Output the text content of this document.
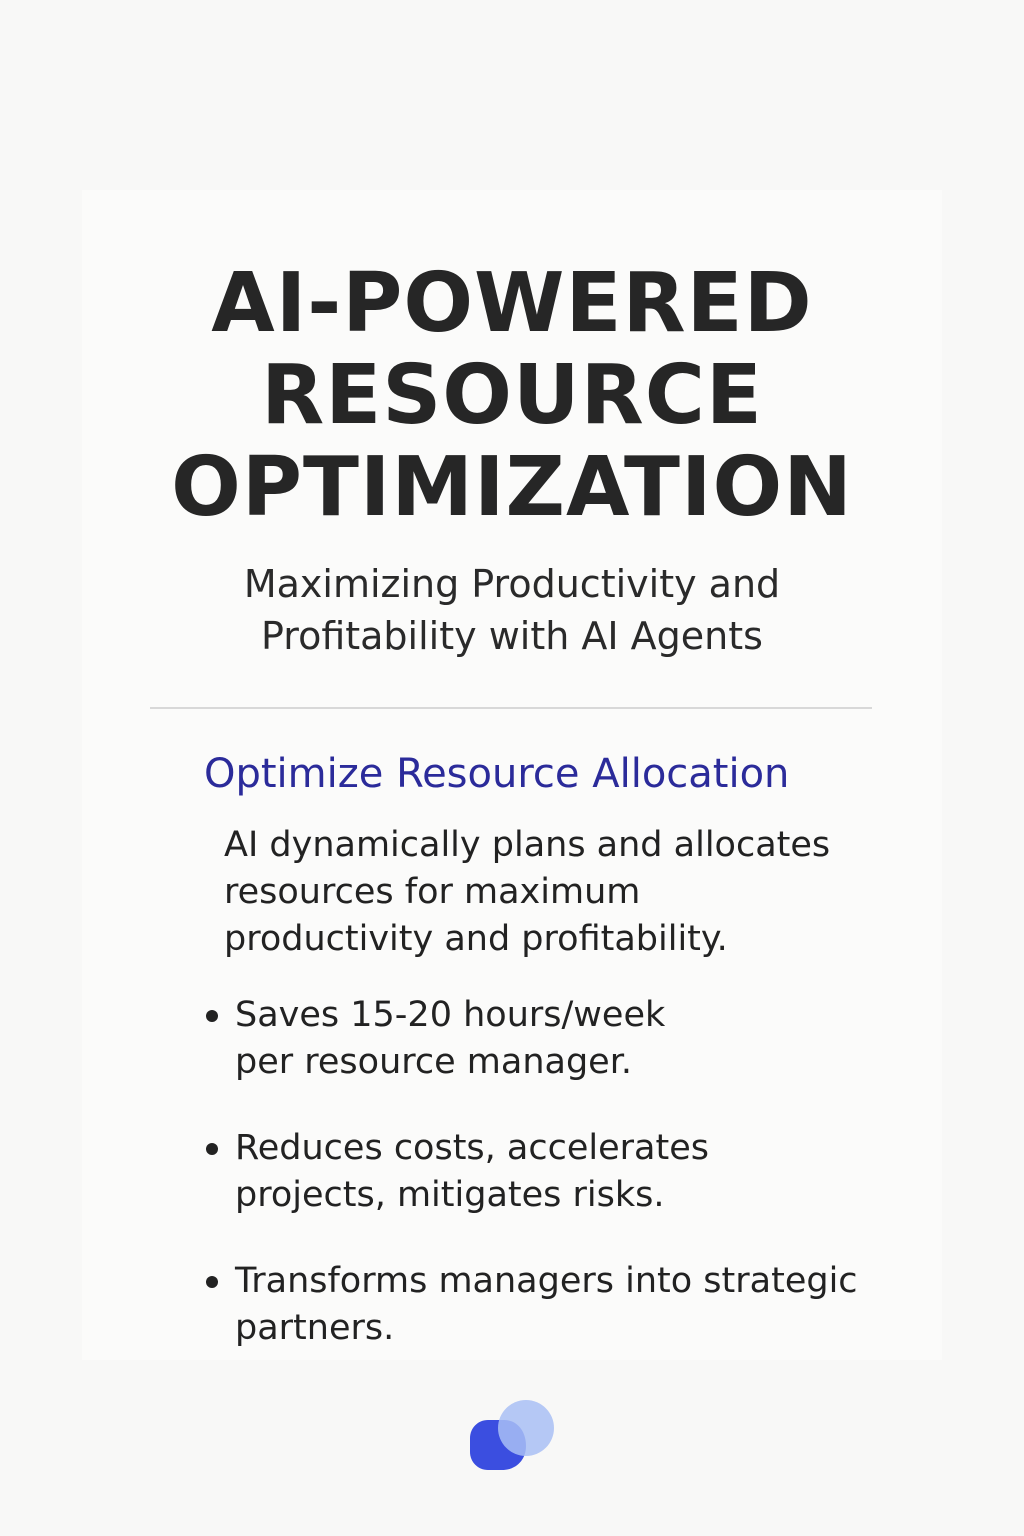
AI-POWERED
RESOURCE
OPTIMIZATION
Maximizing Productivity and
Profitability with AI Agents
Optimize Resource Allocation
AI dynamically plans and allocates
resources for maximum
productivity and profitability.
Saves 15-20 hours/week
per resource manager.
Reduces costs, accelerates
projects, mitigates risks.
Transforms managers into strategic
partners.
